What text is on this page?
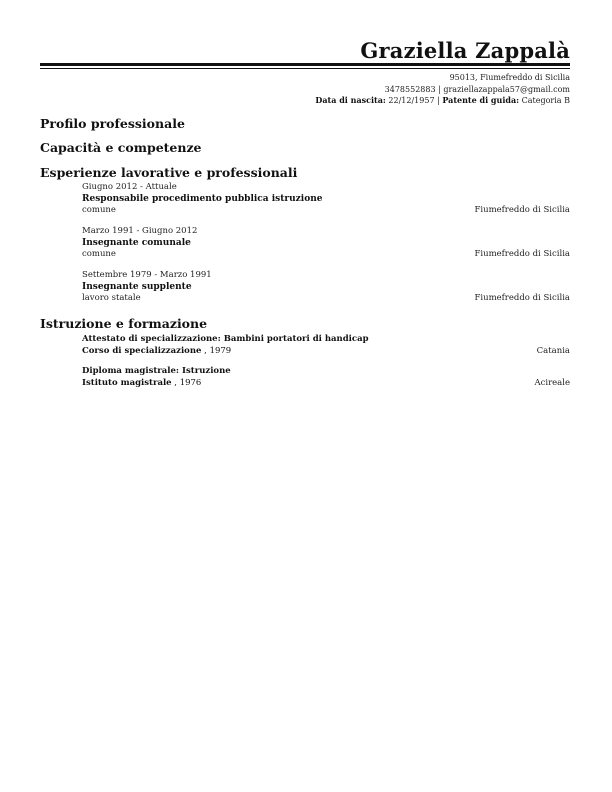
Graziella Zappalà
95013, Fiumefreddo di Sicilia
3478552883 | graziellazappala57@gmail.com
Data di nascita: 22/12/1957 | Patente di guida: Categoria B
Profilo professionale
Capacità e competenze
Esperienze lavorative e professionali
Giugno 2012 - Attuale
Responsabile procedimento pubblica istruzione
comune	Fiumefreddo di Sicilia
Marzo 1991 - Giugno 2012
Insegnante comunale
comune	Fiumefreddo di Sicilia
Settembre 1979 - Marzo 1991
Insegnante supplente
lavoro statale	Fiumefreddo di Sicilia
Istruzione e formazione
Attestato di specializzazione: Bambini portatori di handicap
Corso di specializzazione , 1979	Catania
Diploma magistrale: Istruzione
Istituto magistrale , 1976	Acireale
